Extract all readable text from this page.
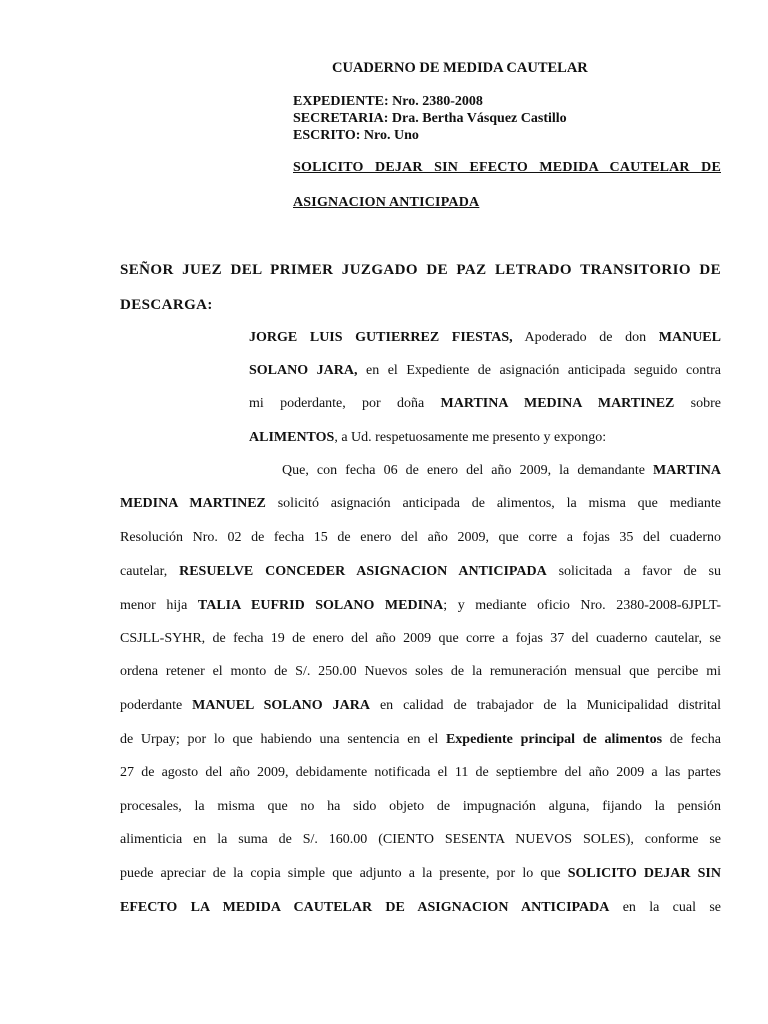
CUADERNO DE MEDIDA CAUTELAR
EXPEDIENTE: Nro. 2380-2008
SECRETARIA: Dra. Bertha Vásquez Castillo
ESCRITO: Nro. Uno
SOLICITO DEJAR SIN EFECTO MEDIDA CAUTELAR DE
ASIGNACION ANTICIPADA
SEÑOR JUEZ DEL PRIMER JUZGADO DE PAZ LETRADO TRANSITORIO DE
DESCARGA:
JORGE LUIS GUTIERREZ FIESTAS, Apoderado de don MANUEL
SOLANO JARA, en el Expediente de asignación anticipada seguido contra
mi poderdante, por doña MARTINA MEDINA MARTINEZ sobre
ALIMENTOS, a Ud. respetuosamente me presento y expongo:
Que, con fecha 06 de enero del año 2009, la demandante MARTINA
MEDINA MARTINEZ solicitó asignación anticipada de alimentos, la misma que mediante
Resolución Nro. 02 de fecha 15 de enero del año 2009, que corre a fojas 35 del cuaderno
cautelar, RESUELVE CONCEDER ASIGNACION ANTICIPADA solicitada a favor de su
menor hija TALIA EUFRID SOLANO MEDINA; y mediante oficio Nro. 2380-2008-6JPLT-
CSJLL-SYHR, de fecha 19 de enero del año 2009 que corre a fojas 37 del cuaderno cautelar, se
ordena retener el monto de S/. 250.00 Nuevos soles de la remuneración mensual que percibe mi
poderdante MANUEL SOLANO JARA en calidad de trabajador de la Municipalidad distrital
de Urpay; por lo que habiendo una sentencia en el Expediente principal de alimentos de fecha
27 de agosto del año 2009, debidamente notificada el 11 de septiembre del año 2009 a las partes
procesales, la misma que no ha sido objeto de impugnación alguna, fijando la pensión
alimenticia en la suma de S/. 160.00 (CIENTO SESENTA NUEVOS SOLES), conforme se
puede apreciar de la copia simple que adjunto a la presente, por lo que SOLICITO DEJAR SIN
EFECTO LA MEDIDA CAUTELAR DE ASIGNACION ANTICIPADA en la cual se
